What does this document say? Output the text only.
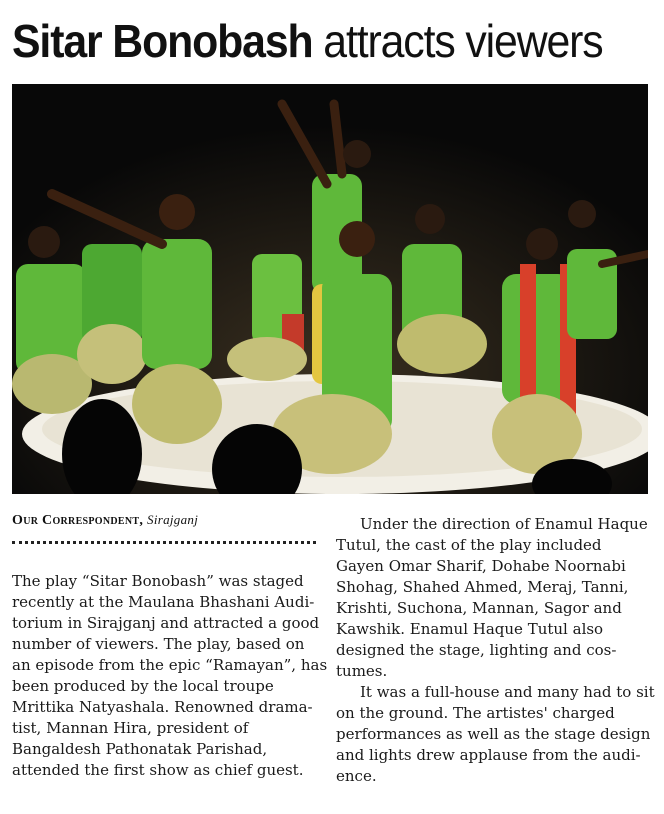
Sitar Bonobash attracts viewers
Our Correspondent, Sirajganj
The play “Sitar Bonobash” was staged
recently at the Maulana Bhashani Audi-
torium in Sirajganj and attracted a good
number of viewers. The play, based on
an episode from the epic “Ramayan”, has
been produced by the local troupe
Mrittika Natyashala. Renowned drama-
tist, Mannan Hira, president of
Bangaldesh Pathonatak Parishad,
attended the first show as chief guest.
Under the direction of Enamul Haque
Tutul, the cast of the play included
Gayen Omar Sharif, Dohabe Noornabi
Shohag, Shahed Ahmed, Meraj, Tanni,
Krishti, Suchona, Mannan, Sagor and
Kawshik. Enamul Haque Tutul also
designed the stage, lighting and cos-
tumes.
It was a full-house and many had to sit
on the ground. The artistes' charged
performances as well as the stage design
and lights drew applause from the audi-
ence.
